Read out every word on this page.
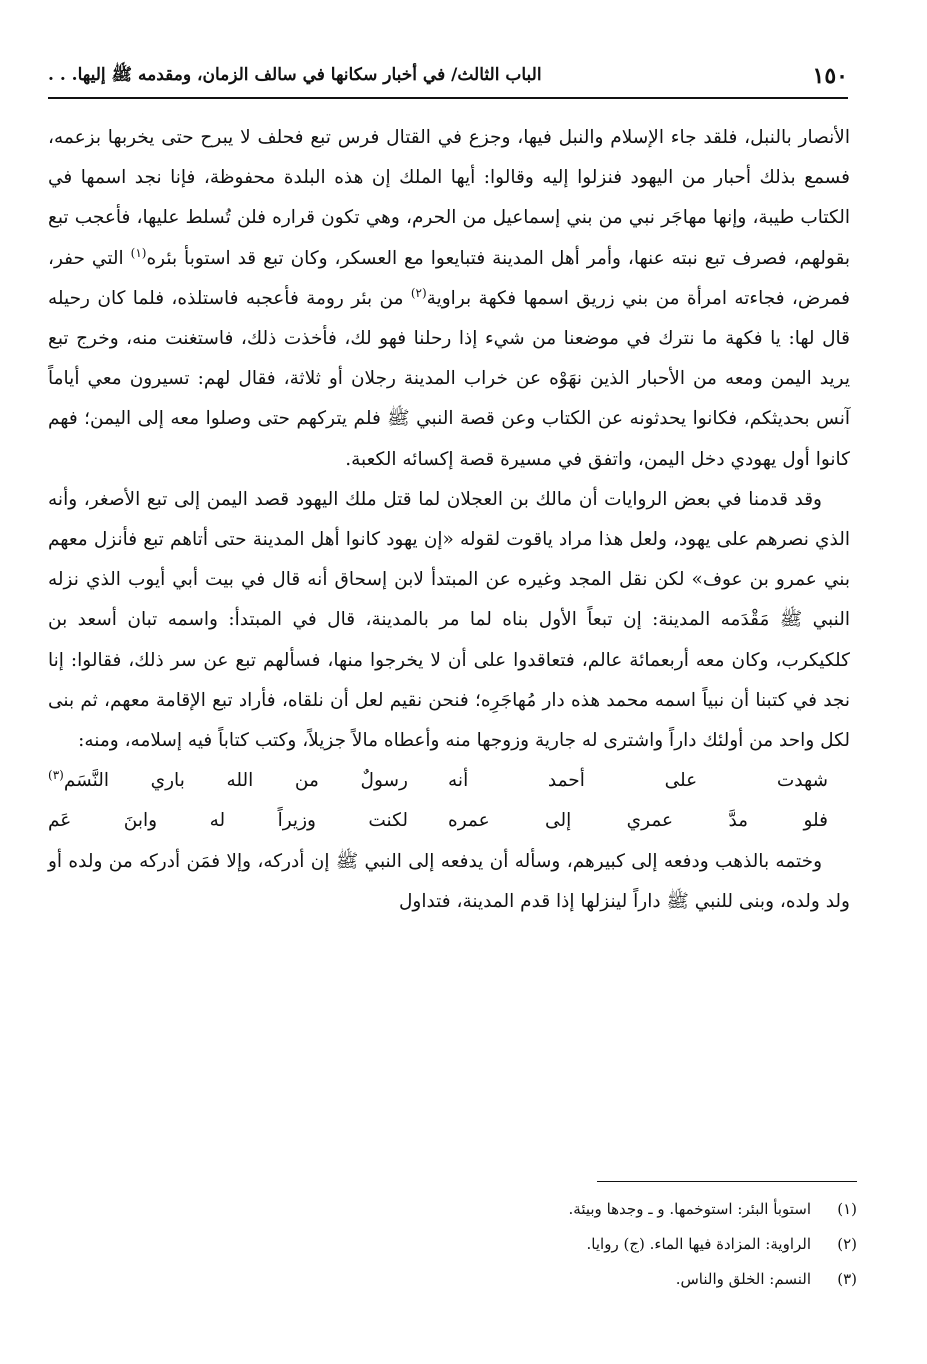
١٥٠
الباب الثالث/ في أخبار سكانها في سالف الزمان، ومقدمه ﷺ إليها. . .

الأنصار بالنبل، فلقد جاء الإسلام والنبل فيها، وجزع في القتال فرس تبع فحلف لا يبرح حتى يخربها بزعمه، فسمع بذلك أحبار من اليهود فنزلوا إليه وقالوا: أيها الملك إن هذه البلدة محفوظة، فإنا نجد اسمها في الكتاب طيبة، وإنها مهاجَر نبي من بني إسماعيل من الحرم، وهي تكون قراره فلن تُسلط عليها، فأعجب تبع بقولهم، فصرف تبع نبته عنها، وأمر أهل المدينة فتبايعوا مع العسكر، وكان تبع قد استوبأ بئره$^{(١)}$ التي حفر، فمرض، فجاءته امرأة من بني زريق اسمها فكهة براوية$^{(٢)}$ من بئر رومة فأعجبه فاستلذه، فلما كان رحيله قال لها: يا فكهة ما نترك في موضعنا من شيء إذا رحلنا فهو لك، فأخذت ذلك، فاستغنت منه، وخرج تبع يريد اليمن ومعه من الأحبار الذين نهَوْه عن خراب المدينة رجلان أو ثلاثة، فقال لهم: تسيرون معي أياماً آنس بحديثكم، فكانوا يحدثونه عن الكتاب وعن قصة النبي ﷺ فلم يتركهم حتى وصلوا معه إلى اليمن؛ فهم كانوا أول يهودي دخل اليمن، واتفق في مسيرة قصة إكسائه الكعبة.

وقد قدمنا في بعض الروايات أن مالك بن العجلان لما قتل ملك اليهود قصد اليمن إلى تبع الأصغر، وأنه الذي نصرهم على يهود، ولعل هذا مراد ياقوت لقوله «إن يهود كانوا أهل المدينة حتى أتاهم تبع فأنزل معهم بني عمرو بن عوف» لكن نقل المجد وغيره عن المبتدأ لابن إسحاق أنه قال في بيت أبي أيوب الذي نزله النبي ﷺ مَقْدَمه المدينة: إن تبعاً الأول بناه لما مر بالمدينة، قال في المبتدأ: واسمه تبان أسعد بن كلكيكرب، وكان معه أربعمائة عالم، فتعاقدوا على أن لا يخرجوا منها، فسألهم تبع عن سر ذلك، فقالوا: إنا نجد في كتبنا أن نبياً اسمه محمد هذه دار مُهاجَرِه؛ فنحن نقيم لعل أن نلقاه، فأراد تبع الإقامة معهم، ثم بنى لكل واحد من أولئك داراً واشترى له جارية وزوجها منه وأعطاه مالاً جزيلاً، وكتب كتاباً فيه إسلامه، ومنه:

شهدت على أحمد أنه
رسولٌ من الله باري النَّسَم$^{(٣)}$
فلو مدَّ عمري إلى عمره
لكنت وزيراً له وابنَ عَم

وختمه بالذهب ودفعه إلى كبيرهم، وسأله أن يدفعه إلى النبي ﷺ إن أدركه، وإلا فمَن أدركه من ولده أو ولد ولده، وبنى للنبي ﷺ داراً لينزلها إذا قدم المدينة، فتداول

(١)
استوبأ البئر: استوخمها. و ـ وجدها وبيئة.
(٢)
الراوية: المزادة فيها الماء. (ج) روايا.
(٣)
النسم: الخلق والناس.
